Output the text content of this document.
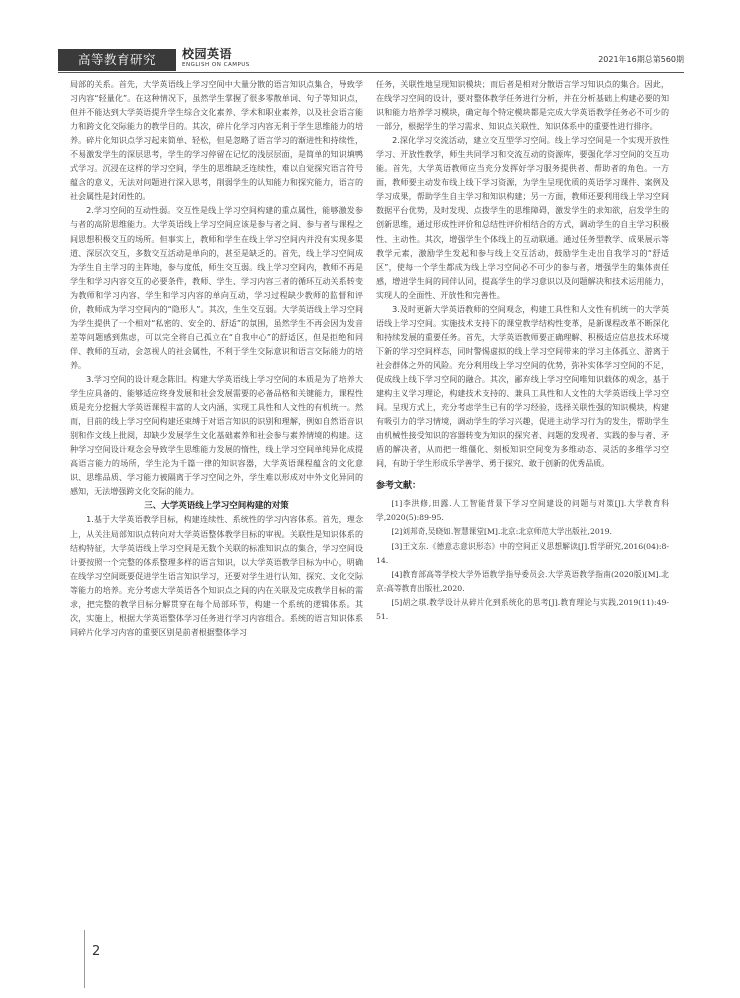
高等教育研究	校园英语
ENGLISH ON CAMPUS
2021年16期总第560期

局部的关系。首先，大学英语线上学习空间中大量分散的语言知识点集合，导致学习内容“轻量化”。在这种情况下，虽然学生掌握了很多零散单词、句子等知识点，但并不能达到大学英语提升学生综合文化素养、学术和职业素养，以及社会语言能力和跨文化交际能力的教学目的。其次，碎片化学习内容无利于学生思维能力的培养。碎片化知识点学习起来简单、轻松，但是忽略了语言学习的渐进性和持续性，不易激发学生的深层思考，学生的学习停留在记忆的浅层层面，是简单的知识填鸭式学习。沉浸在这样的学习空间，学生的思维缺乏连续性，难以自觉探究语言符号蕴含的意义，无法对问题进行深入思考，削弱学生的认知能力和探究能力，语言的社会属性是封闭性的。

2.学习空间的互动性弱。交互性是线上学习空间构建的重点属性，能够激发参与者的高阶思维能力。大学英语线上学习空间应该是参与者之间、参与者与课程之间思想积极交互的场所。但事实上，教师和学生在线上学习空间内并没有实现多渠道、深层次交互，多数交互活动是单向的，甚至是缺乏的。首先，线上学习空间成为学生自主学习的主阵地，参与度低，师生交互弱。线上学习空间内，教师不再是学生和学习内容交互的必要条件，教师、学生、学习内容三者的循环互动关系转变为教师和学习内容、学生和学习内容的单向互动，学习过程缺少教师的监督和评价，教师成为学习空间内的“隐形人”。其次，生生交互弱。大学英语线上学习空间为学生提供了一个相对“私密的、安全的、舒适”的氛围，虽然学生不再会因为发音差等问题感到焦虑，可以完全将自己孤立在“自我中心”的舒适区，但是拒绝和同伴、教师的互动，会忽视人的社会属性，不利于学生交际意识和语言交际能力的培养。

3.学习空间的设计观念陈旧。构建大学英语线上学习空间的本质是为了培养大学生应具备的、能够适应终身发展和社会发展需要的必备品格和关键能力，课程性质是充分挖掘大学英语课程丰富的人文内涵，实现工具性和人文性的有机统一。然而，目前的线上学习空间构建还束缚于对语言知识的识别和理解，例如自然语音识别和作文线上批阅，却缺少发展学生文化基础素养和社会参与素养情境的构建。这种学习空间设计观念会导致学生思维能力发展的惰性，线上学习空间单纯异化成提高语言能力的场所，学生沦为千篇一律的知识容器，大学英语课程蕴含的文化意识、思维品质、学习能力被隔离于学习空间之外，学生难以形成对中外文化异同的感知，无法增强跨文化交际的能力。

三、大学英语线上学习空间构建的对策

1.基于大学英语教学目标，构建连续性、系统性的学习内容体系。首先，理念上，从关注局部知识点转向对大学英语整体教学目标的审视。关联性是知识体系的结构特征，大学英语线上学习空间是无数个关联的标准知识点的集合，学习空间设计要按照一个完整的体系整理多样的语言知识，以大学英语教学目标为中心，明确在线学习空间既要促进学生语言知识学习，还要对学生进行认知、探究、文化交际等能力的培养。充分考虑大学英语各个知识点之间的内在关联及完成教学目标的需求，把完整的教学目标分解贯穿在每个局部环节，构建一个系统的逻辑体系。其次，实施上，根据大学英语整体学习任务进行学习内容组合。系统的语言知识体系同碎片化学习内容的重要区别是前者根据整体学习

任务，关联性地呈现知识模块；而后者是相对分散语言学习知识点的集合。因此，在线学习空间的设计，要对整体教学任务进行分析，并在分析基础上构建必要的知识和能力培养学习模块，确定每个特定模块都是完成大学英语教学任务必不可少的一部分，根据学生的学习需求、知识点关联性、知识体系中的重要性进行排序。

2.深化学习交流活动，建立交互型学习空间。线上学习空间是一个实现开放性学习、开放性教学，师生共同学习和交流互动的资源库，要强化学习空间的交互功能。首先，大学英语教师应当充分发挥好学习服务提供者、帮助者的角色。一方面，教师要主动发布线上线下学习资源，为学生呈现优质的英语学习课件、案例及学习成果，帮助学生自主学习和知识构建；另一方面，教师还要利用线上学习空间数据平台优势，及时发现、点拨学生的思维障碍，激发学生的求知欲，启发学生的创新思维，通过形成性评价和总结性评价相结合的方式，调动学生的自主学习积极性、主动性。其次，增强学生个体线上的互动联通。通过任务型教学、成果展示等教学元素，激励学生发起和参与线上交互活动，鼓励学生走出自我学习的“舒适区”，使每一个学生都成为线上学习空间必不可少的参与者，增强学生的集体责任感，增进学生间的同伴认同，提高学生的学习意识以及问题解决和技术运用能力，实现人的全面性、开放性和完善性。

3.及时更新大学英语教师的空间观念，构建工具性和人文性有机统一的大学英语线上学习空间。实施技术支持下的课堂教学结构性变革，是新课程改革不断深化和持续发展的重要任务。首先，大学英语教师要正确理解、积极适应信息技术环境下新的学习空间样态，同时警惕虚拟的线上学习空间带来的学习主体孤立、游离于社会群体之外的风险。充分利用线上学习空间的优势，弥补实体学习空间的不足，促成线上线下学习空间的融合。其次，鄙弃线上学习空间唯知识载体的观念，基于建构主义学习理论，构建技术支持的、兼具工具性和人文性的大学英语线上学习空间。呈现方式上，充分考虑学生已有的学习经验，选择关联性强的知识模块，构建有吸引力的学习情境，调动学生的学习兴趣，促进主动学习行为的发生，帮助学生由机械性接受知识的容器转变为知识的探究者、问题的发现者、实践的参与者、矛盾的解决者，从而把一维僵化、刻板知识空间变为多维动态、灵活的多维学习空间，有助于学生形成乐学善学、勇于探究、敢于创新的优秀品质。

参考文献：

[1]李洪修,田露.人工智能背景下学习空间建设的问题与对策[J].大学教育科学,2020(5):89-95.

[2]刘邦奇,吴晓如.智慧课堂[M].北京:北京师范大学出版社,2019.

[3]王文东.《德意志意识形态》中的空间正义思想解读[J].哲学研究,2016(04):8-14.

[4]教育部高等学校大学外语教学指导委员会.大学英语教学指南(2020版)[M].北京:高等教育出版社,2020.

[5]胡之琪.教学设计从碎片化到系统化的思考[J].教育理论与实践,2019(11):49-51.

2
